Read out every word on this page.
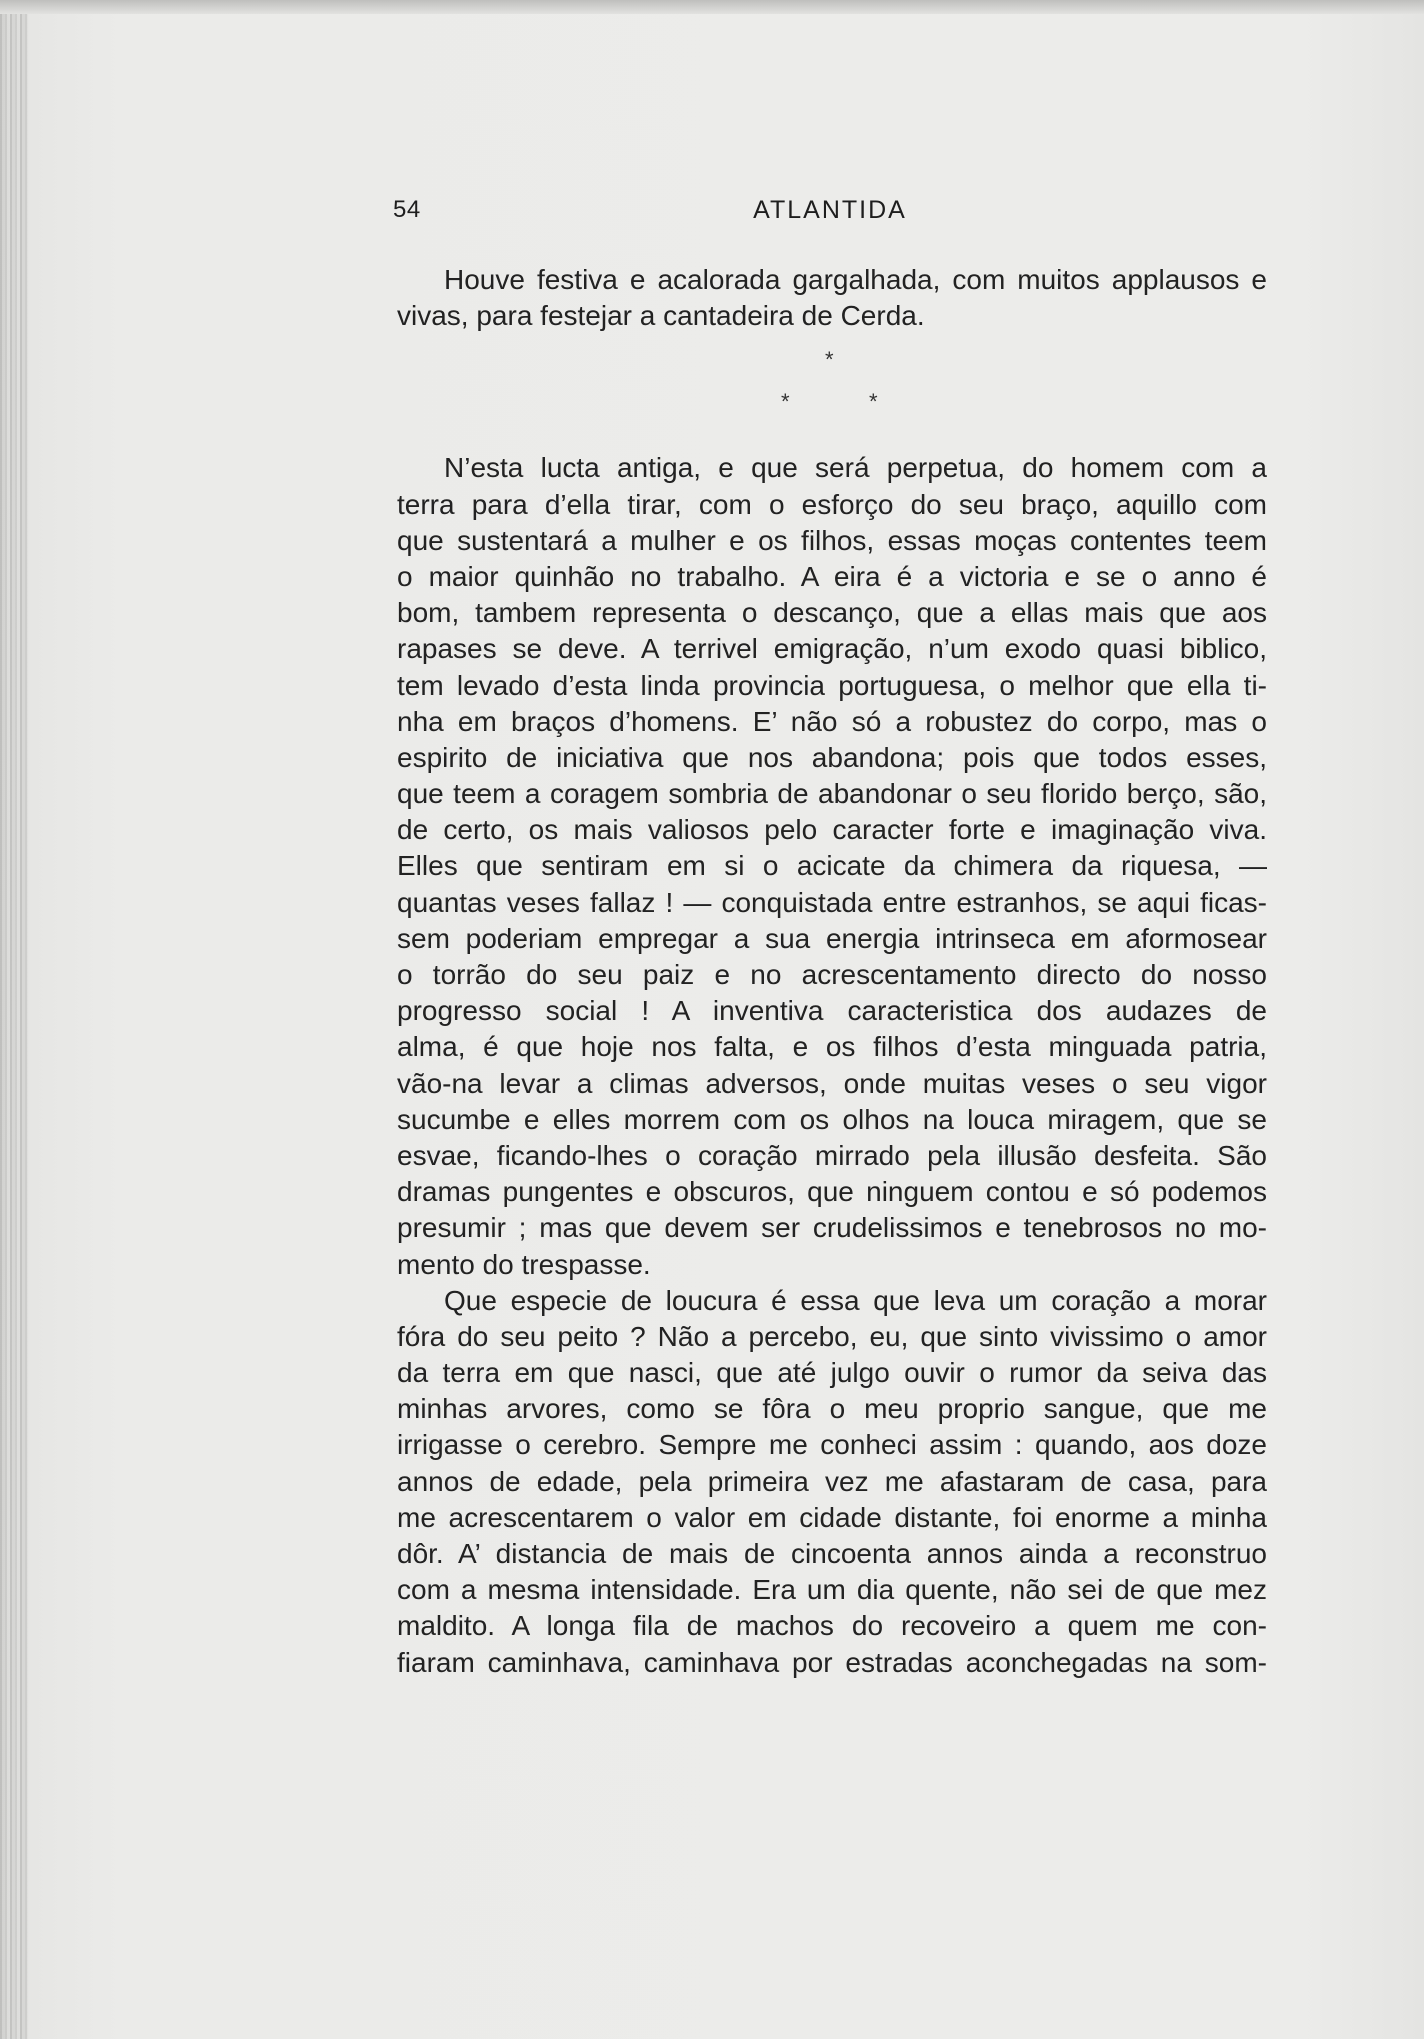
54	ATLANTIDA
Houve festiva e acalorada gargalhada, com muitos applausos e
vivas, para festejar a cantadeira de Cerda.
*
*	*
N’esta lucta antiga, e que será perpetua, do homem com a
terra para d’ella tirar, com o esforço do seu braço, aquillo com
que sustentará a mulher e os filhos, essas moças contentes teem
o maior quinhão no trabalho. A eira é a victoria e se o anno é
bom, tambem representa o descanço, que a ellas mais que aos
rapases se deve. A terrivel emigração, n’um exodo quasi biblico,
tem levado d’esta linda provincia portuguesa, o melhor que ella ti-
nha em braços d’homens. E’ não só a robustez do corpo, mas o
espirito de iniciativa que nos abandona; pois que todos esses,
que teem a coragem sombria de abandonar o seu florido berço, são,
de certo, os mais valiosos pelo caracter forte e imaginação viva.
Elles que sentiram em si o acicate da chimera da riquesa, —
quantas veses fallaz ! — conquistada entre estranhos, se aqui ficas-
sem poderiam empregar a sua energia intrinseca em aformosear
o torrão do seu paiz e no acrescentamento directo do nosso
progresso social ! A inventiva caracteristica dos audazes de
alma, é que hoje nos falta, e os filhos d’esta minguada patria,
vão-na levar a climas adversos, onde muitas veses o seu vigor
sucumbe e elles morrem com os olhos na louca miragem, que se
esvae, ficando-lhes o coração mirrado pela illusão desfeita. São
dramas pungentes e obscuros, que ninguem contou e só podemos
presumir ; mas que devem ser crudelissimos e tenebrosos no mo-
mento do trespasse.
Que especie de loucura é essa que leva um coração a morar
fóra do seu peito ? Não a percebo, eu, que sinto vivissimo o amor
da terra em que nasci, que até julgo ouvir o rumor da seiva das
minhas arvores, como se fôra o meu proprio sangue, que me
irrigasse o cerebro. Sempre me conheci assim : quando, aos doze
annos de edade, pela primeira vez me afastaram de casa, para
me acrescentarem o valor em cidade distante, foi enorme a minha
dôr. A’ distancia de mais de cincoenta annos ainda a reconstruo
com a mesma intensidade. Era um dia quente, não sei de que mez
maldito. A longa fila de machos do recoveiro a quem me con-
fiaram caminhava, caminhava por estradas aconchegadas na som-
